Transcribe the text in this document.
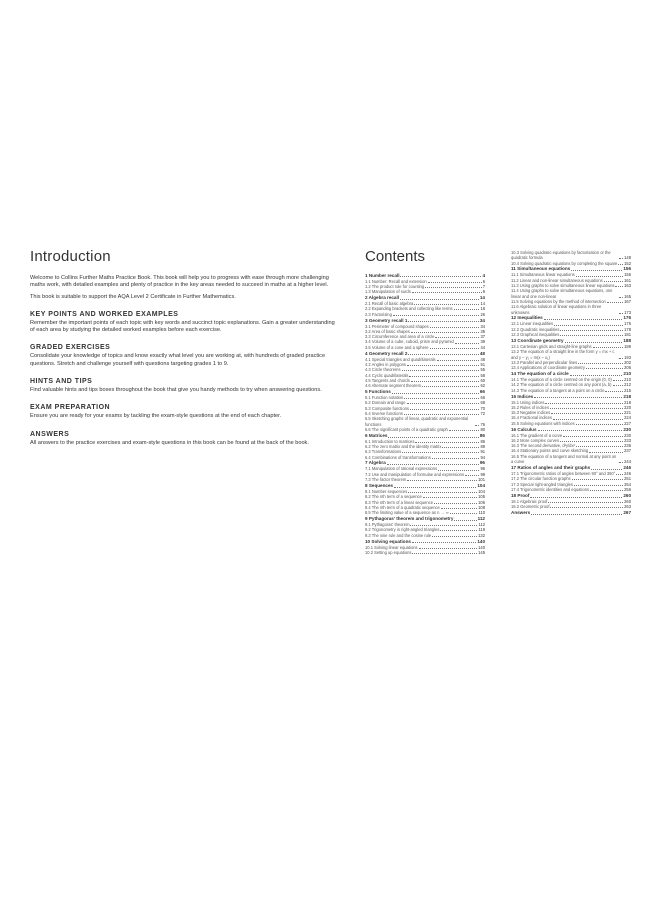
Introduction

Welcome to Collins Further Maths Practice Book. This book will help you to progress with ease through more challenging maths work, with detailed examples and plenty of practice in the key areas needed to succeed in maths at a higher level.

This book is suitable to support the AQA Level 2 Certificate in Further Mathematics.

KEY POINTS AND WORKED EXAMPLES

Remember the important points of each topic with key words and succinct topic explanations. Gain a greater understanding of each area by studying the detailed worked examples before each exercise.

GRADED EXERCISES

Consolidate your knowledge of topics and know exactly what level you are working at, with hundreds of graded practice questions. Stretch and challenge yourself with questions targeting grades 1 to 9.

HINTS AND TIPS

Find valuable hints and tips boxes throughout the book that give you handy methods to try when answering questions.

EXAM PREPARATION

Ensure you are ready for your exams by tackling the exam-style questions at the end of each chapter.

ANSWERS

All answers to the practice exercises and exam-style questions in this book can be found at the back of the book.

Contents
1 Number recall	4
1.1 Number: Recall and extension	6
1.2 The product rule for counting	7
1.3 Manipulation of surds	9
2 Algebra recall	14
2.1 Recall of basic algebra	14
2.2 Expanding brackets and collecting like terms	18
2.3 Factorising	26
3 Geometry recall 1	34
3.1 Perimeter of compound shapes	34
3.2 Area of basic shapes	35
3.3 Circumference and area of a circle	37
3.4 Volume of a cube, cuboid, prism and pyramid	39
3.5 Volume of a cone and a sphere	44
4 Geometry recall 2	48
4.1 Special triangles and quadrilaterals	48
4.2 Angles in polygons	51
4.3 Circle theorems	55
4.4 Cyclic quadrilaterals	58
4.5 Tangents and chords	60
4.6 Alternate segment theorem	62
5 Functions	66
5.1 Function notation	66
5.2 Domain and range	68
5.3 Composite functions	70
5.4 Inverse functions	72
5.5 Sketching graphs of linear, quadratic and exponential functions	76
5.6 The significant points of a quadratic graph	80
6 Matrices	86
6.1 Introduction to matrices	86
6.2 The zero matrix and the identity matrix	89
6.3 Transformations	91
6.4 Combinations of transformations	94
7 Algebra	96
7.1 Manipulation of rational expressions	96
7.2 Use and manipulation of formulae and expressions	99
7.3 The factor theorem	101
8 Sequences	104
8.1 Number sequences	104
8.2 The nth term of a sequence	105
8.3 The nth term of a linear sequence	106
8.4 The nth term of a quadratic sequence	108
8.5 The limiting value of a sequence as n → ∞	110
9 Pythagoras' theorem and trigonometry	112
9.1 Pythagoras' theorem	112
9.2 Trigonometry in right-angled triangles	119
9.3 The sine rule and the cosine rule	132
10 Solving equations	140
10.1 Solving linear equations	140
10.2 Setting up equations	145
10.3 Solving quadratic equations by factorisation or the quadratic formula	148
10.4 Solving quadratic equations by completing the square 152
11 Simultaneous equations	156
11.1 Simultaneous linear equations	156
11.2 Linear and non-linear simultaneous equations	161
11.3 Using graphs to solve simultaneous linear equations 163
11.4 Using graphs to solve simultaneous equations, one linear and one non-linear	165
11.5 Solving equations by the method of intersection	167
11.6 Algebraic solution of linear equations in three unknowns	173
12 Inequalities	176
12.1 Linear inequalities	176
12.2 Quadratic inequalities	178
12.3 Graphical inequalities	181
13 Coordinate geometry	188
13.1 Cartesian grids and straight-line graphs	189
13.2 The equation of a straight line in the form y = mx + c and y – y₁ = m(x – x₁)	193
13.3 Parallel and perpendicular lines	202
13.4 Applications of coordinate geometry	206
14 The equation of a circle	210
14.1 The equation of a circle centred on the origin (0, 0)	210
14.2 The equation of a circle centred on any point (a, b)	212
14.3 The equation of a tangent at a point on a circle	215
15 Indices	218
15.1 Using indices	218
15.2 Rules of indices	220
15.3 Negative indices	221
15.4 Fractional indices	224
15.5 Solving equations with indices	227
16 Calculus	230
16.1 The gradient of a curve	230
16.2 More complex curves	233
16.3 The second derivative, d²y/dx²	236
16.4 Stationary points and curve sketching	237
16.5 The equation of a tangent and normal at any point on a curve	244
17 Ratios of angles and their graphs	246
17.1 Trigonometric ratios of angles between 90° and 360° 246
17.2 The circular function graphs	251
17.3 Special right-angled triangles	254
17.4 Trigonometric identities and equations	256
18 Proof	260
18.1 Algebraic proof	260
18.2 Geometric proof	263
Answers	267
